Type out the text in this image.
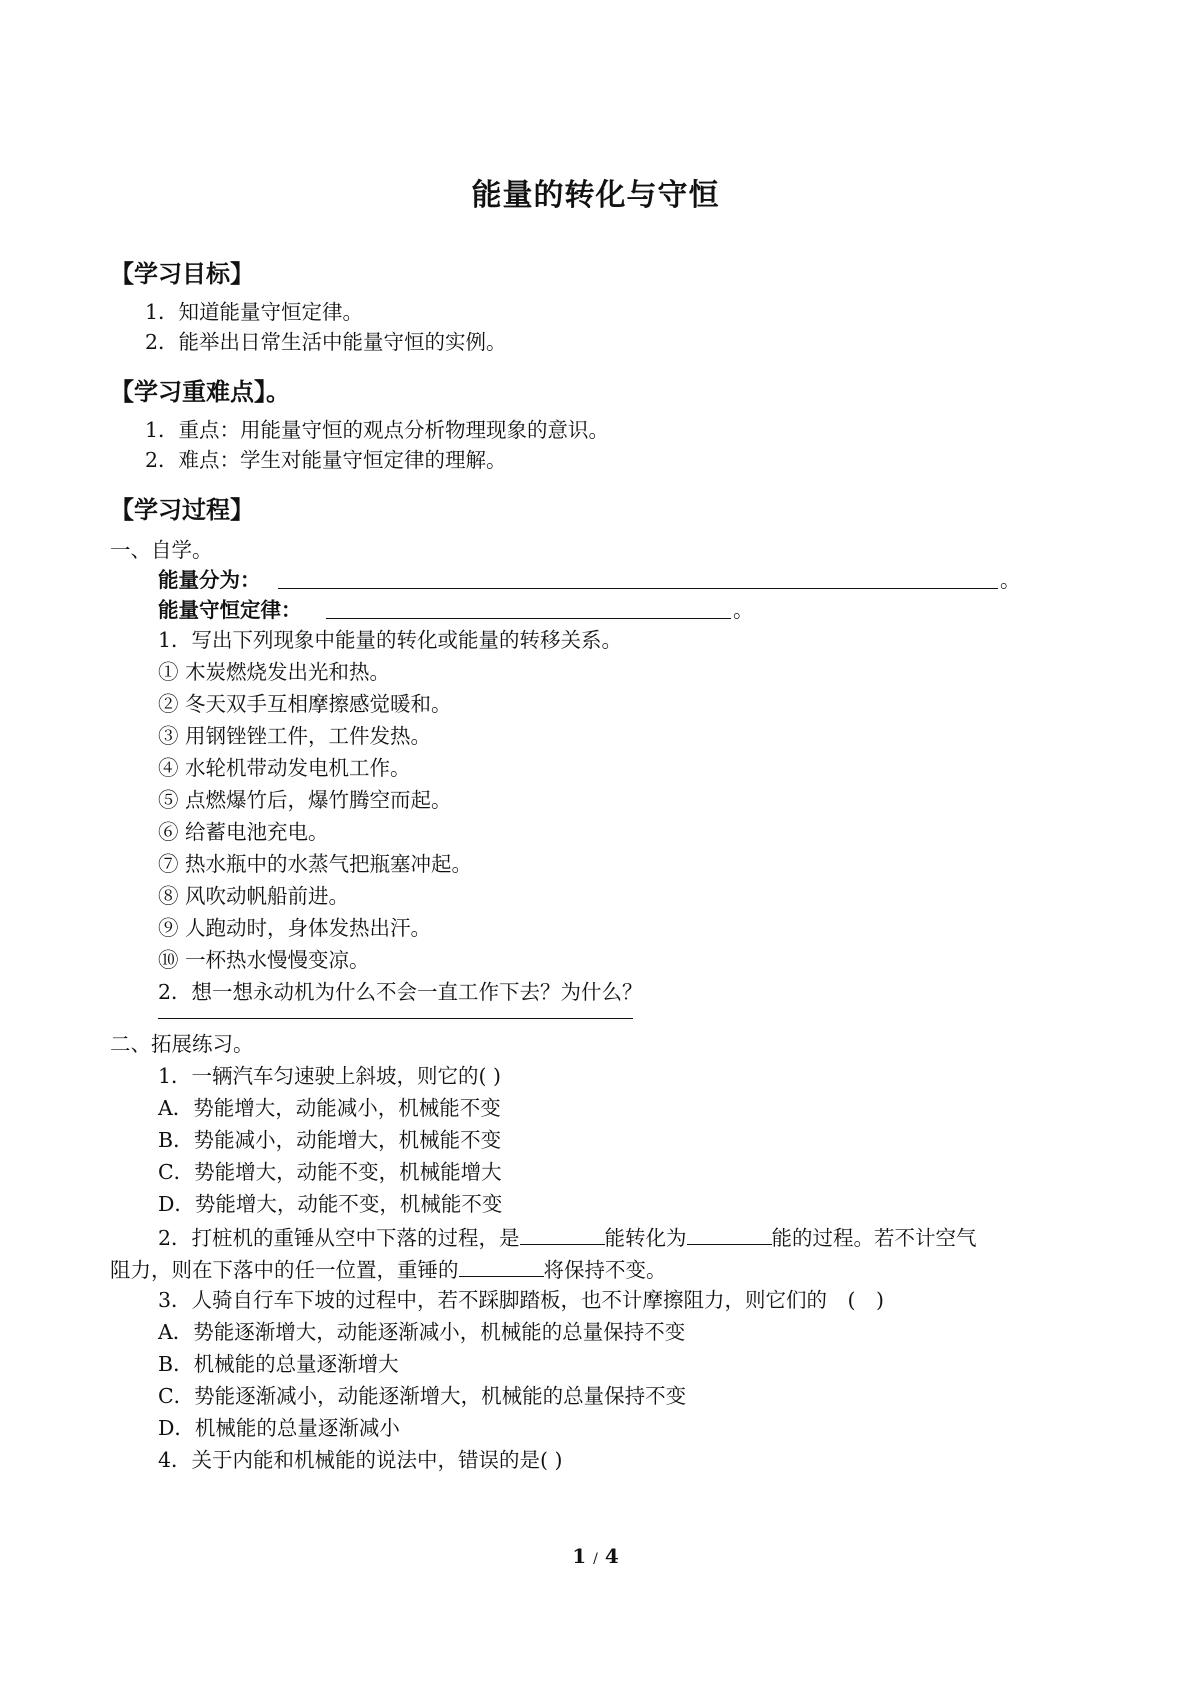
能量的转化与守恒
【学习目标】
1．知道能量守恒定律。
2．能举出日常生活中能量守恒的实例。
【学习重难点】。
1．重点：用能量守恒的观点分析物理现象的意识。
2．难点：学生对能量守恒定律的理解。
【学习过程】
一、自学。
能量分为：	。
能量守恒定律：	。
1．写出下列现象中能量的转化或能量的转移关系。
① 木炭燃烧发出光和热。
② 冬天双手互相摩擦感觉暖和。
③ 用钢锉锉工件，工件发热。
④ 水轮机带动发电机工作。
⑤ 点燃爆竹后，爆竹腾空而起。
⑥ 给蓄电池充电。
⑦ 热水瓶中的水蒸气把瓶塞冲起。
⑧ 风吹动帆船前进。
⑨ 人跑动时，身体发热出汗。
⑩ 一杯热水慢慢变凉。
2．想一想永动机为什么不会一直工作下去？为什么？
二、拓展练习。
1．一辆汽车匀速驶上斜坡，则它的( )
A．势能增大，动能减小，机械能不变
B．势能减小，动能增大，机械能不变
C．势能增大，动能不变，机械能增大
D．势能增大，动能不变，机械能不变
2．打桩机的重锤从空中下落的过程，是	能转化为	能的过程。若不计空气
阻力，则在下落中的任一位置，重锤的	将保持不变。
3．人骑自行车下坡的过程中，若不踩脚踏板，也不计摩擦阻力，则它们的　(　)
A．势能逐渐增大，动能逐渐减小，机械能的总量保持不变
B．机械能的总量逐渐增大
C．势能逐渐减小，动能逐渐增大，机械能的总量保持不变
D．机械能的总量逐渐减小
4．关于内能和机械能的说法中，错误的是( )
1 / 4
